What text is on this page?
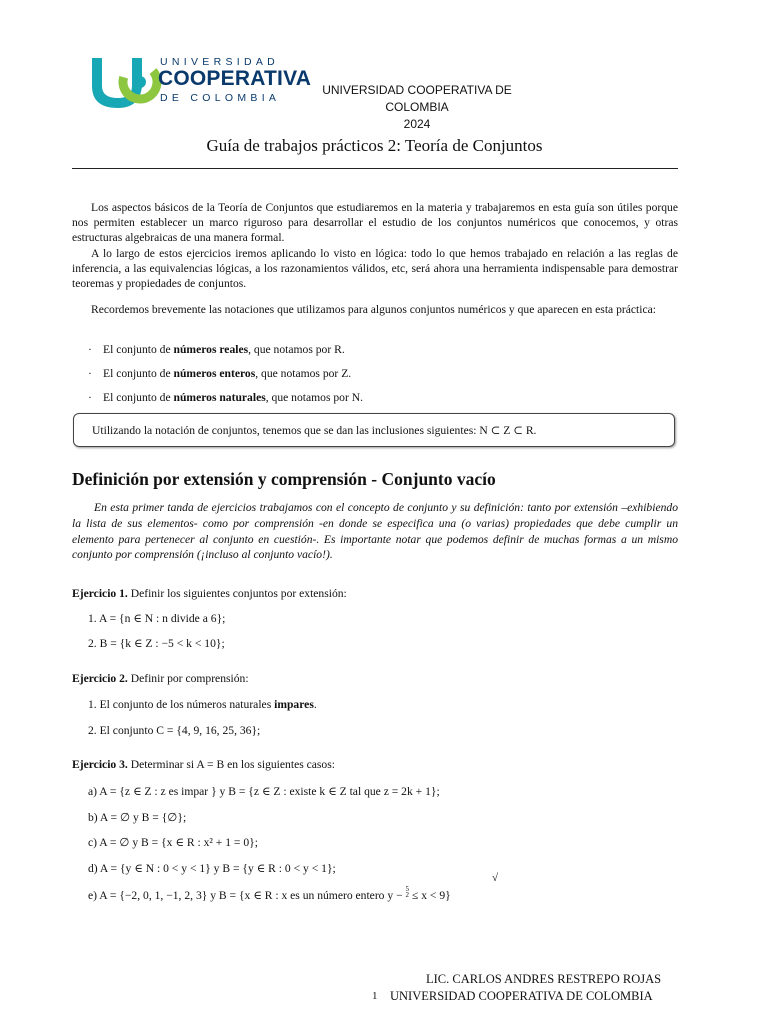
UNIVERSIDAD
COOPERATIVA
DE COLOMBIA
UNIVERSIDAD COOPERATIVA DE COLOMBIA
2024
Guía de trabajos prácticos 2: Teoría de Conjuntos

Los aspectos básicos de la Teoría de Conjuntos que estudiaremos en la materia y trabajaremos en esta guía son útiles porque nos permiten establecer un marco riguroso para desarrollar el estudio de los conjuntos numéricos que conocemos, y otras estructuras algebraicas de una manera formal.

A lo largo de estos ejercicios iremos aplicando lo visto en lógica: todo lo que hemos trabajado en relación a las reglas de inferencia, a las equivalencias lógicas, a los razonamientos válidos, etc, será ahora una herramienta indispensable para demostrar teoremas y propiedades de conjuntos.

Recordemos brevemente las notaciones que utilizamos para algunos conjuntos numéricos y que aparecen en esta práctica:

· El conjunto de números reales, que notamos por R.
· El conjunto de números enteros, que notamos por Z.
· El conjunto de números naturales, que notamos por N.
Utilizando la notación de conjuntos, tenemos que se dan las inclusiones siguientes: N ⊂ Z ⊂ R.
Definición por extensión y comprensión - Conjunto vacío

En esta primer tanda de ejercicios trabajamos con el concepto de conjunto y su definición: tanto por extensión –exhibiendo la lista de sus elementos- como por comprensión -en donde se especifica una (o varias) propiedades que debe cumplir un elemento para pertenecer al conjunto en cuestión-. Es importante notar que podemos definir de muchas formas a un mismo conjunto por comprensión (¡incluso al conjunto vacío!).

Ejercicio 1. Definir los siguientes conjuntos por extensión:
1. A = {n ∈ N : n divide a 6};
2. B = {k ∈ Z : −5 < k < 10};
Ejercicio 2. Definir por comprensión:
1. El conjunto de los números naturales impares.
2. El conjunto C = {4, 9, 16, 25, 36};
Ejercicio 3. Determinar si A = B en los siguientes casos:
a) A = {z ∈ Z : z es impar } y B = {z ∈ Z : existe k ∈ Z tal que z = 2k + 1};
b) A = ∅ y B = {∅};
c) A = ∅ y B = {x ∈ R : x² + 1 = 0};
d) A = {y ∈ N : 0 < y < 1} y B = {y ∈ R : 0 < y < 1};
e) A = {−2, 0, 1, −1, 2, 3} y B = {x ∈ R : x es un número entero y − 5
2 ≤ x < 9}
√
LIC. CARLOS ANDRES RESTREPO ROJAS
1 UNIVERSIDAD COOPERATIVA DE COLOMBIA
